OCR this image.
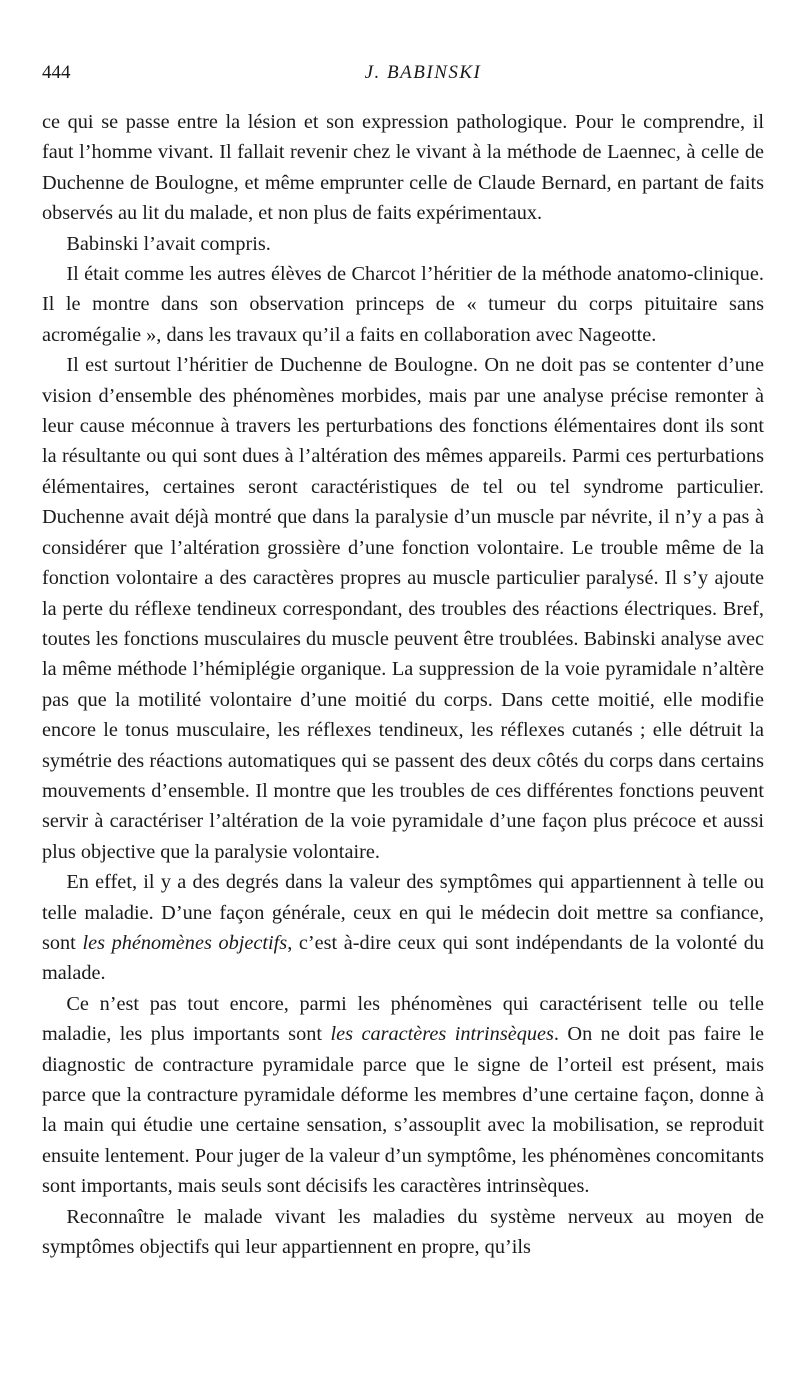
444	J. BABINSKI

ce qui se passe entre la lésion et son expression pathologique. Pour le comprendre, il faut l’homme vivant. Il fallait revenir chez le vivant à la méthode de Laennec, à celle de Duchenne de Boulogne, et même emprunter celle de Claude Bernard, en partant de faits observés au lit du malade, et non plus de faits expérimentaux.

Babinski l’avait compris.

Il était comme les autres élèves de Charcot l’héritier de la méthode anatomo-clinique. Il le montre dans son observation princeps de « tumeur du corps pituitaire sans acromégalie », dans les travaux qu’il a faits en collaboration avec Nageotte.

Il est surtout l’héritier de Duchenne de Boulogne. On ne doit pas se contenter d’une vision d’ensemble des phénomènes morbides, mais par une analyse précise remonter à leur cause méconnue à travers les perturbations des fonctions élémentaires dont ils sont la résultante ou qui sont dues à l’altération des mêmes appareils. Parmi ces perturbations élémentaires, certaines seront caractéristiques de tel ou tel syndrome particulier. Duchenne avait déjà montré que dans la paralysie d’un muscle par névrite, il n’y a pas à considérer que l’altération grossière d’une fonction volontaire. Le trouble même de la fonction volontaire a des caractères propres au muscle particulier paralysé. Il s’y ajoute la perte du réflexe tendineux correspondant, des troubles des réactions électriques. Bref, toutes les fonctions musculaires du muscle peuvent être troublées. Babinski analyse avec la même méthode l’hémiplégie organique. La suppression de la voie pyramidale n’altère pas que la motilité volontaire d’une moitié du corps. Dans cette moitié, elle modifie encore le tonus musculaire, les réflexes tendineux, les réflexes cutanés ; elle détruit la symétrie des réactions automatiques qui se passent des deux côtés du corps dans certains mouvements d’ensemble. Il montre que les troubles de ces différentes fonctions peuvent servir à caractériser l’altération de la voie pyramidale d’une façon plus précoce et aussi plus objective que la paralysie volontaire.

En effet, il y a des degrés dans la valeur des symptômes qui appartiennent à telle ou telle maladie. D’une façon générale, ceux en qui le médecin doit mettre sa confiance, sont les phénomènes objectifs, c’est à-dire ceux qui sont indépendants de la volonté du malade.

Ce n’est pas tout encore, parmi les phénomènes qui caractérisent telle ou telle maladie, les plus importants sont les caractères intrinsèques. On ne doit pas faire le diagnostic de contracture pyramidale parce que le signe de l’orteil est présent, mais parce que la contracture pyramidale déforme les membres d’une certaine façon, donne à la main qui étudie une certaine sensation, s’assouplit avec la mobilisation, se reproduit ensuite lentement. Pour juger de la valeur d’un symptôme, les phénomènes concomitants sont importants, mais seuls sont décisifs les caractères intrinsèques.

Reconnaître le malade vivant les maladies du système nerveux au moyen de symptômes objectifs qui leur appartiennent en propre, qu’ils
